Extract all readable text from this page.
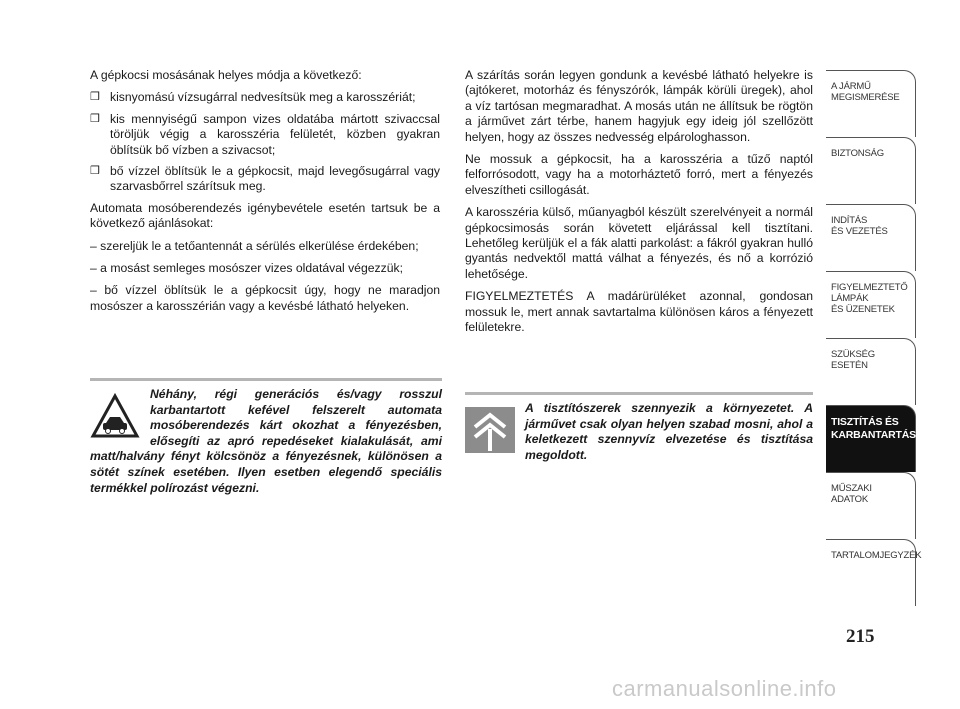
A gépkocsi mosásának helyes módja a következő:

❒ kisnyomású vízsugárral nedvesítsük meg a karosszériát;
❒ kis mennyiségű sampon vizes oldatába mártott szivaccsal töröljük végig a karosszéria felületét, közben gyakran öblítsük bő vízben a szivacsot;
❒ bő vízzel öblítsük le a gépkocsit, majd levegősugárral vagy szarvasbőrrel szárítsuk meg.

Automata mosóberendezés igénybevétele esetén tartsuk be a következő ajánlásokat:

– szereljük le a tetőantennát a sérülés elkerülése érdekében;

– a mosást semleges mosószer vizes oldatával végezzük;

– bő vízzel öblítsük le a gépkocsit úgy, hogy ne maradjon mosószer a karosszérián vagy a kevésbé látható helyeken.

A szárítás során legyen gondunk a kevésbé látható helyekre is (ajtókeret, motorház és fényszórók, lámpák körüli üregek), ahol a víz tartósan megmaradhat. A mosás után ne állítsuk be rögtön a járművet zárt térbe, hanem hagyjuk egy ideig jól szellőzött helyen, hogy az összes nedvesség elpárologhasson.

Ne mossuk a gépkocsit, ha a karosszéria a tűző naptól felforrósodott, vagy ha a motorháztető forró, mert a fényezés elveszítheti csillogását.

A karosszéria külső, műanyagból készült szerelvényeit a normál gépkocsimosás során követett eljárással kell tisztítani. Lehetőleg kerüljük el a fák alatti parkolást: a fákról gyakran hulló gyantás nedvektől mattá válhat a fényezés, és nő a korrózió lehetősége.

FIGYELMEZTETÉS A madárürüléket azonnal, gondosan mossuk le, mert annak savtartalma különösen káros a fényezett felületekre.

Néhány, régi generációs és/vagy rosszul karbantartott kefével felszerelt automata mosóberendezés kárt okozhat a fényezésben, elősegíti az apró repedéseket kialakulását, ami matt/halvány fényt kölcsönöz a fényezésnek, különösen a sötét színek esetében. Ilyen esetben elegendő speciális termékkel polírozást végezni.
A tisztítószerek szennyezik a környezetet. A járművet csak olyan helyen szabad mosni, ahol a keletkezett szennyvíz elvezetése és tisztítása megoldott.
A JÁRMŰ
MEGISMERÉSE
BIZTONSÁG
INDÍTÁS
ÉS VEZETÉS
FIGYELMEZTETŐ
LÁMPÁK
ÉS ÜZENETEK
SZÜKSÉG
ESETÉN
TISZTÍTÁS ÉS
KARBANTARTÁS
MŰSZAKI
ADATOK
TARTALOMJEGYZÉK
215
carmanualsonline.info
